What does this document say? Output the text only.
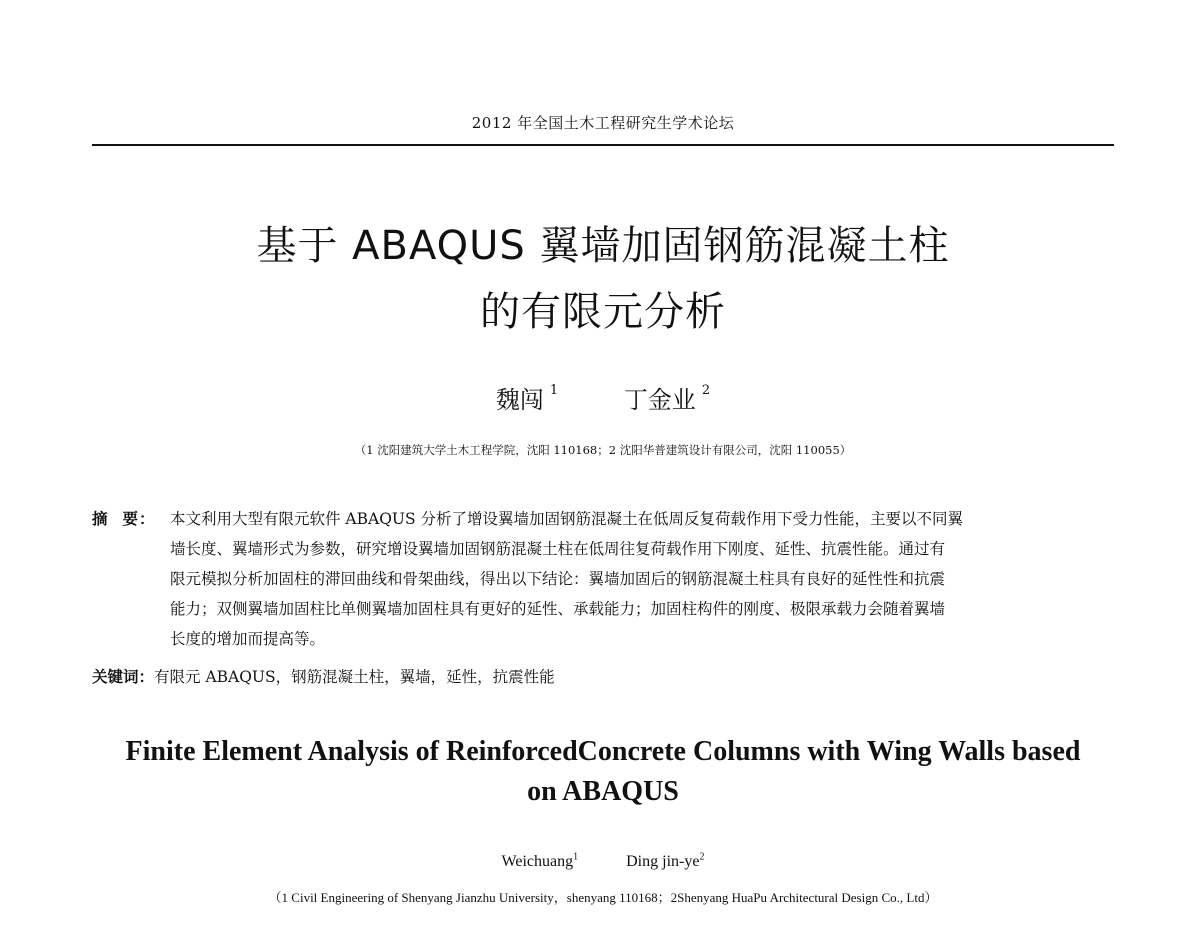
2012 年全国土木工程研究生学术论坛
基于 ABAQUS 翼墙加固钢筋混凝土柱
的有限元分析
魏闯 $^1$	丁金业 $^2$
（1 沈阳建筑大学土木工程学院，沈阳 110168；2 沈阳华普建筑设计有限公司，沈阳 110055）
摘 要： 本文利用大型有限元软件 ABAQUS 分析了增设翼墙加固钢筋混凝土在低周反复荷载作用下受力性能，主要以不同翼

墙长度、翼墙形式为参数，研究增设翼墙加固钢筋混凝土柱在低周往复荷载作用下刚度、延性、抗震性能。通过有

限元模拟分析加固柱的滞回曲线和骨架曲线，得出以下结论：翼墙加固后的钢筋混凝土柱具有良好的延性性和抗震

能力；双侧翼墙加固柱比单侧翼墙加固柱具有更好的延性、承载能力；加固柱构件的刚度、极限承载力会随着翼墙

长度的增加而提高等。

关键词：有限元 ABAQUS，钢筋混凝土柱，翼墙，延性，抗震性能
Finite Element Analysis of ReinforcedConcrete Columns with Wing Walls based
on ABAQUS
Weichuang$^1$	Ding jin-$ye^2$
（1 Civil Engineering of Shenyang Jianzhu University，shenyang 110168；2Shenyang HuaPu Architectural Design Co., Ltd）
